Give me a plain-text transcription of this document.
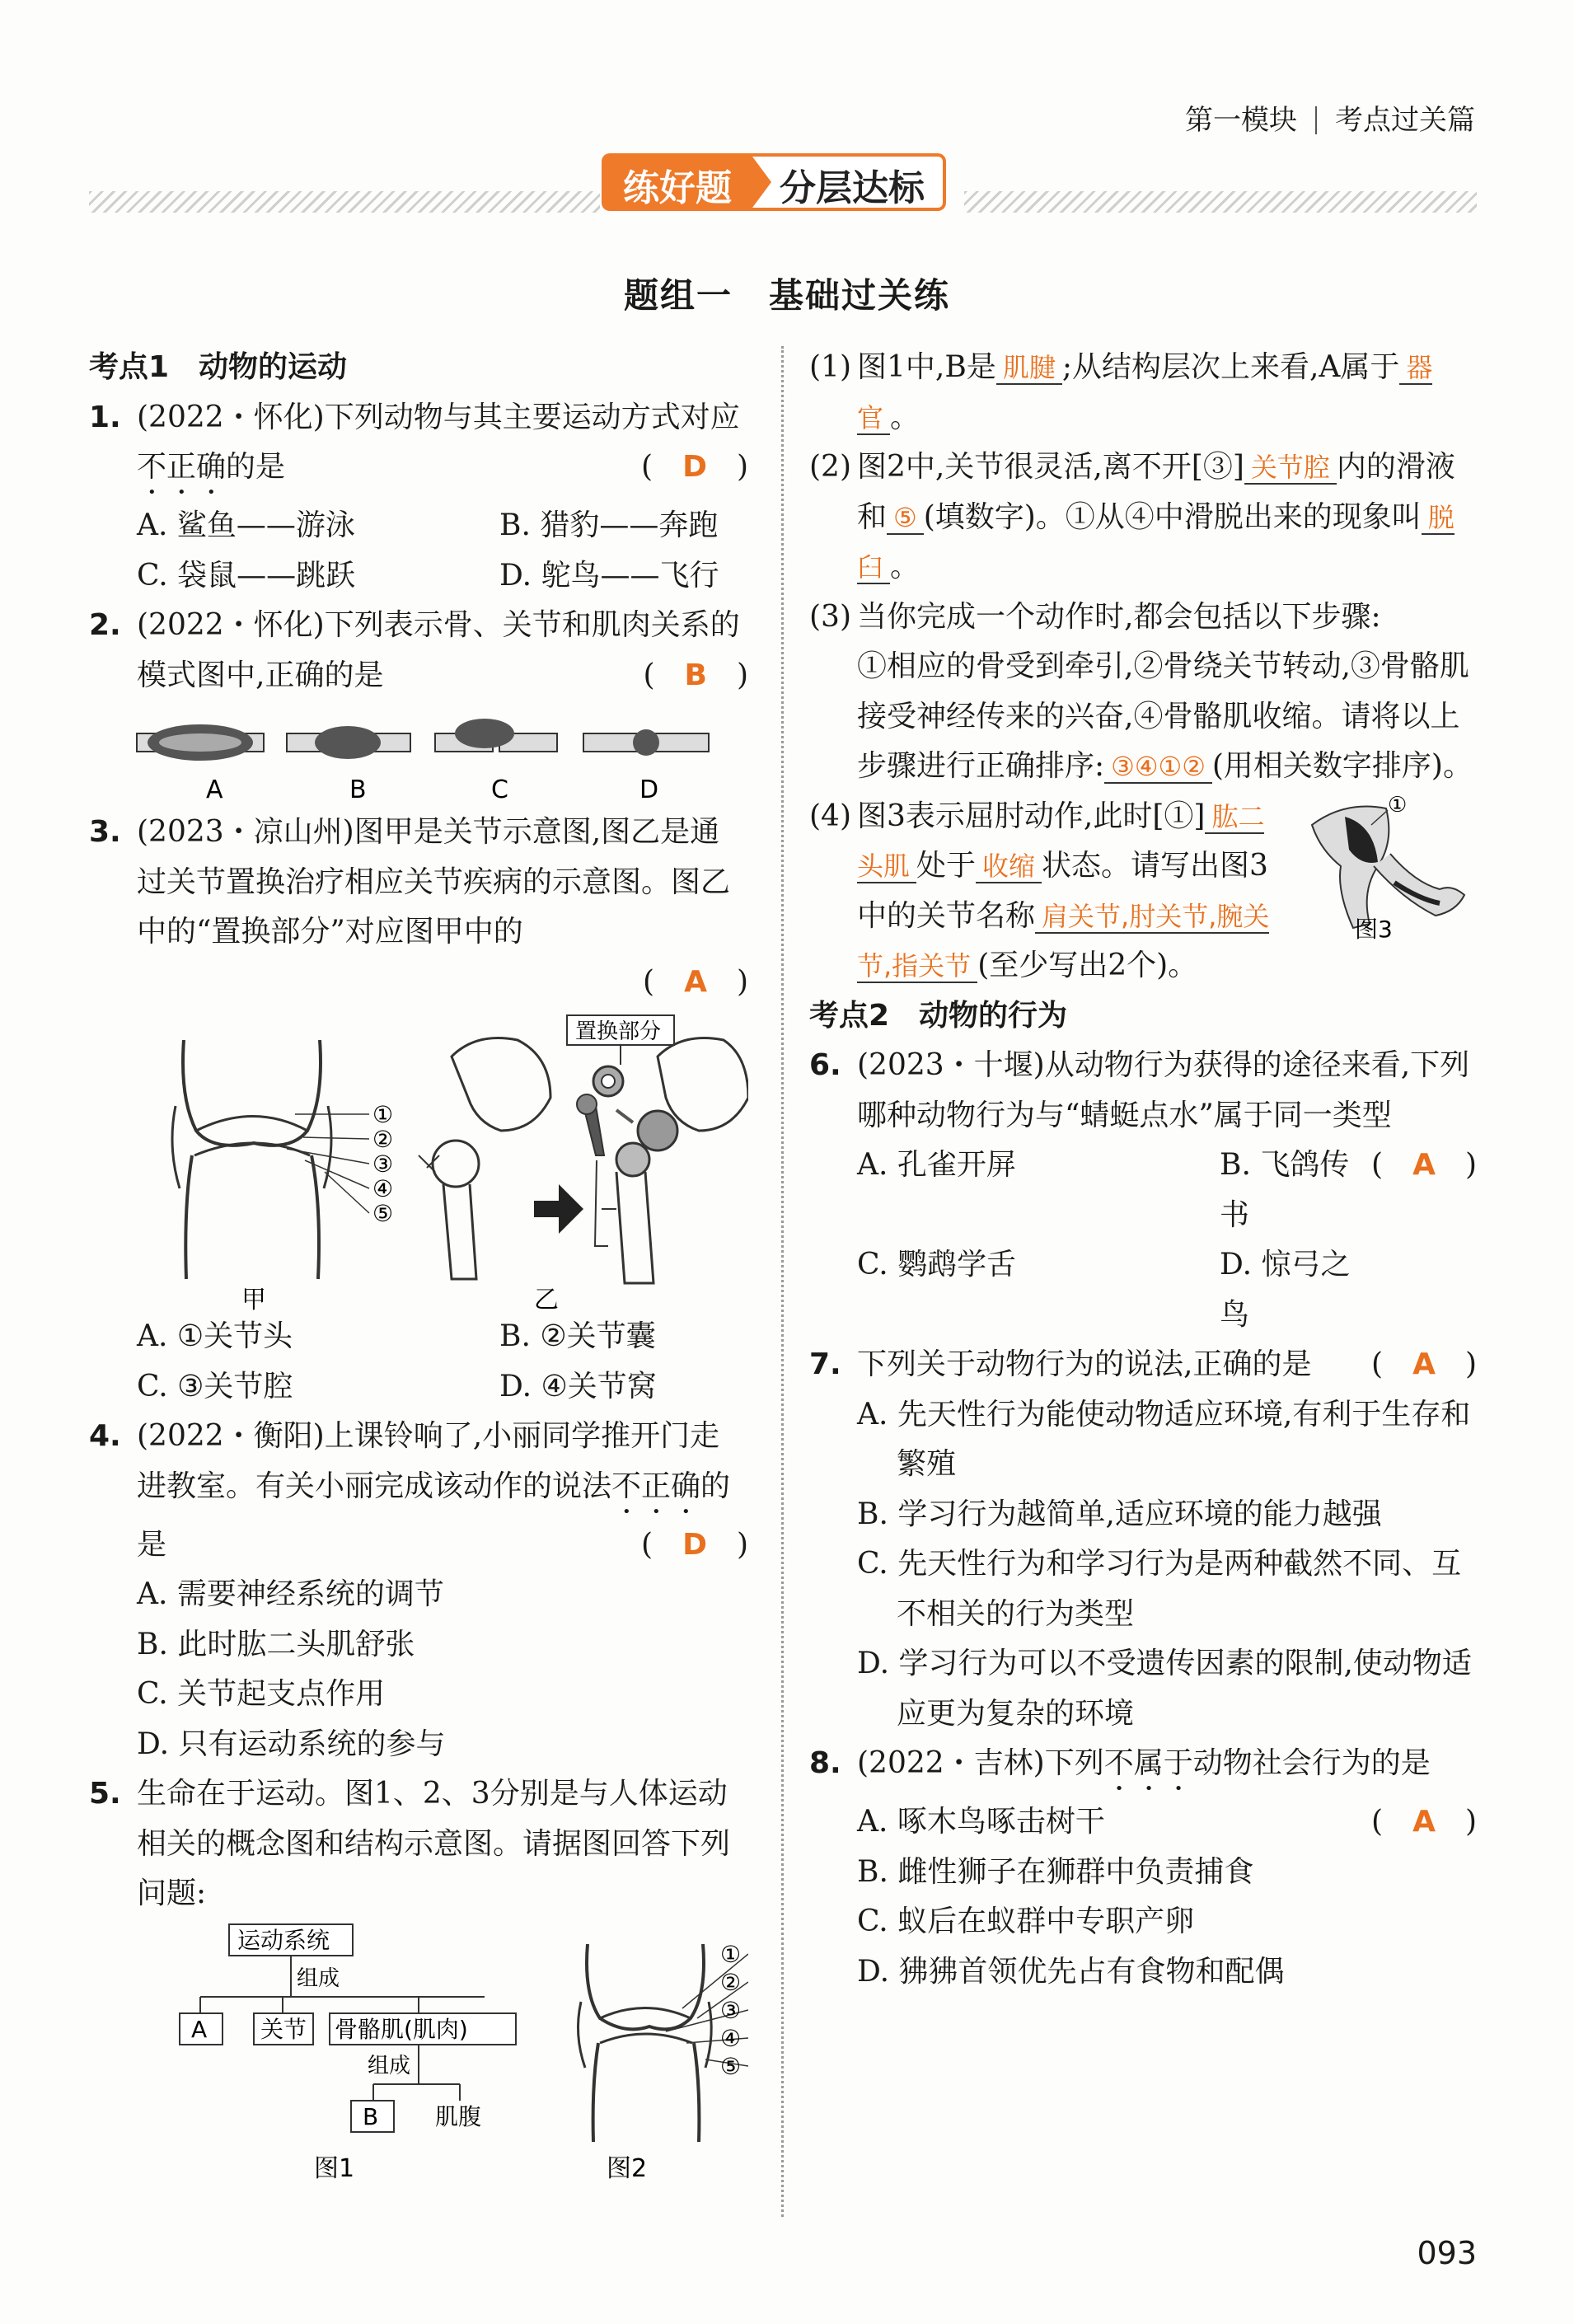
第一模块 考点过关篇
练好题	分层达标
题组一　基础过关练
考点1　动物的运动
1. (2022・怀化)下列动物与其主要运动方式对应不正确的是	(　D　)
A. 鲨鱼——游泳	B. 猎豹——奔跑
C. 袋鼠——跳跃	D. 鸵鸟——飞行
2. (2022・怀化)下列表示骨、关节和肌肉关系的模式图中,正确的是	(　B　)
A	B	C	D
3. (2023・凉山州)图甲是关节示意图,图乙是通过关节置换治疗相应关节疾病的示意图。图乙中的“置换部分”对应图甲中的
(　A　)
①
②
③
④
⑤
甲
置换部分
乙
A. ①关节头	B. ②关节囊
C. ③关节腔	D. ④关节窝
4. (2022・衡阳)上课铃响了,小丽同学推开门走进教室。有关小丽完成该动作的说法不正确的是	(　D　)
A. 需要神经系统的调节
B. 此时肱二头肌舒张
C. 关节起支点作用
D. 只有运动系统的参与
5. 生命在于运动。图1、2、3分别是与人体运动相关的概念图和结构示意图。请据图回答下列问题:
运动系统
组成
A 关节 骨骼肌(肌肉)
组成
B 肌腹
图1
①
②
③
④
⑤
图2
(1) 图1中,B是 肌腱 ;从结构层次上来看,A属于 器官 。
(2) 图2中,关节很灵活,离不开[③] 关节腔 内的滑液和 ⑤ (填数字)。①从④中滑脱出来的现象叫 脱臼 。
(3) 当你完成一个动作时,都会包括以下步骤:
①相应的骨受到牵引,②骨绕关节转动,③骨骼肌接受神经传来的兴奋,④骨骼肌收缩。请将以上步骤进行正确排序: ③④①② (用相关数字排序)。
(4) 图3表示屈肘动作,此时[①] 肱二头肌 处于 收缩 状态。请写出图3中的关节名称 肩关节,肘关节,腕关节,指关节 (至少写出2个)。
①
图3
考点2　动物的行为
6. (2023・十堰)从动物行为获得的途径来看,下列哪种动物行为与“蜻蜓点水”属于同一类型
(　A　)
A. 孔雀开屏	B. 飞鸽传书
C. 鹦鹉学舌	D. 惊弓之鸟
7. 下列关于动物行为的说法,正确的是 (　A　)
A. 先天性行为能使动物适应环境,有利于生存和繁殖
B. 学习行为越简单,适应环境的能力越强
C. 先天性行为和学习行为是两种截然不同、互不相关的行为类型
D. 学习行为可以不受遗传因素的限制,使动物适应更为复杂的环境
8. (2022・吉林)下列不属于动物社会行为的是
(　A　)
A. 啄木鸟啄击树干
B. 雌性狮子在狮群中负责捕食
C. 蚁后在蚁群中专职产卵
D. 狒狒首领优先占有食物和配偶
093
